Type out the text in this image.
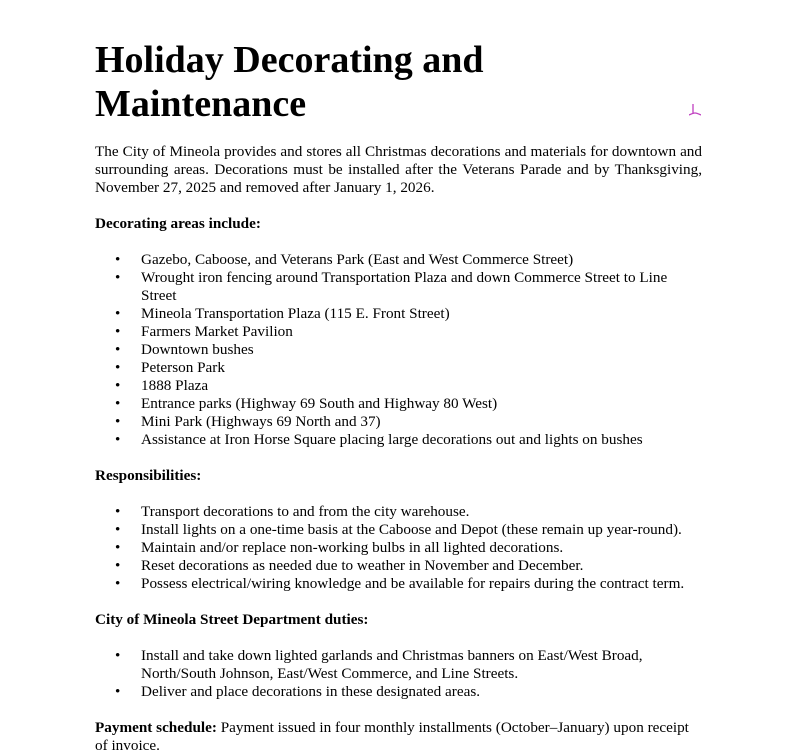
Holiday Decorating and Maintenance

The City of Mineola provides and stores all Christmas decorations and materials for downtown and surrounding areas. Decorations must be installed after the Veterans Parade and by Thanksgiving, November 27, 2025 and removed after January 1, 2026.

Decorating areas include:

• Gazebo, Caboose, and Veterans Park (East and West Commerce Street)
• Wrought iron fencing around Transportation Plaza and down Commerce Street to Line Street
• Mineola Transportation Plaza (115 E. Front Street)
• Farmers Market Pavilion
• Downtown bushes
• Peterson Park
• 1888 Plaza
• Entrance parks (Highway 69 South and Highway 80 West)
• Mini Park (Highways 69 North and 37)
• Assistance at Iron Horse Square placing large decorations out and lights on bushes

Responsibilities:

• Transport decorations to and from the city warehouse.
• Install lights on a one-time basis at the Caboose and Depot (these remain up year-round).
• Maintain and/or replace non-working bulbs in all lighted decorations.
• Reset decorations as needed due to weather in November and December.
• Possess electrical/wiring knowledge and be available for repairs during the contract term.

City of Mineola Street Department duties:

• Install and take down lighted garlands and Christmas banners on East/West Broad, North/South Johnson, East/West Commerce, and Line Streets.
• Deliver and place decorations in these designated areas.

Payment schedule: Payment issued in four monthly installments (October–January) upon receipt of invoice.
